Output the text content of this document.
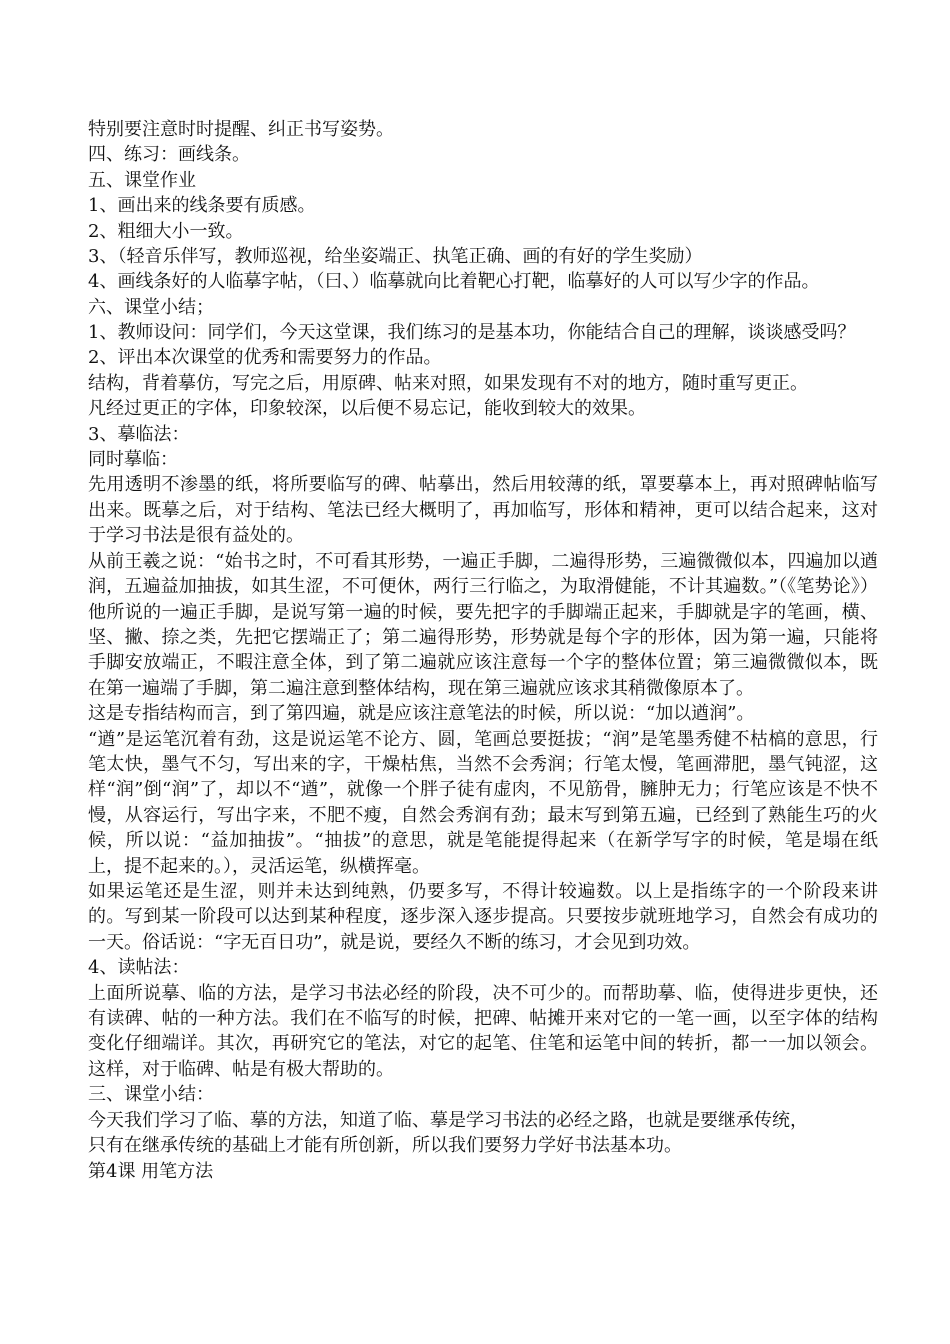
特别要注意时时提醒、纠正书写姿势。

四、练习：画线条。

五、课堂作业

1、画出来的线条要有质感。

2、粗细大小一致。

3、（轻音乐伴写，教师巡视，给坐姿端正、执笔正确、画的有好的学生奖励）

4、画线条好的人临摹字帖，（曰、）临摹就向比着靶心打靶，临摹好的人可以写少字的作品。

六、课堂小结；

1、教师设问：同学们，今天这堂课，我们练习的是基本功，你能结合自己的理解，谈谈感受吗？

2、评出本次课堂的优秀和需要努力的作品。

结构，背着摹仿，写完之后，用原碑、帖来对照，如果发现有不对的地方，随时重写更正。

凡经过更正的字体，印象较深，以后便不易忘记，能收到较大的效果。

3、摹临法：

同时摹临：

先用透明不渗墨的纸，将所要临写的碑、帖摹出，然后用较薄的纸，罩要摹本上，再对照碑帖临写出来。既摹之后，对于结构、笔法已经大概明了，再加临写，形体和精神，更可以结合起来，这对于学习书法是很有益处的。

从前王羲之说：“始书之时，不可看其形势，一遍正手脚，二遍得形势，三遍微微似本，四遍加以遒润，五遍益加抽拔，如其生涩，不可便休，两行三行临之，为取滑健能，不计其遍数。”（《笔势论》）他所说的一遍正手脚，是说写第一遍的时候，要先把字的手脚端正起来，手脚就是字的笔画，横、坚、撇、捺之类，先把它摆端正了；第二遍得形势，形势就是每个字的形体，因为第一遍，只能将手脚安放端正，不暇注意全体，到了第二遍就应该注意每一个字的整体位置；第三遍微微似本，既在第一遍端了手脚，第二遍注意到整体结构，现在第三遍就应该求其稍微像原本了。

这是专指结构而言，到了第四遍，就是应该注意笔法的时候，所以说：“加以遒润”。

“遒”是运笔沉着有劲，这是说运笔不论方、圆，笔画总要挺拔；“润”是笔墨秀健不枯槁的意思，行笔太快，墨气不匀，写出来的字，干燥枯焦，当然不会秀润；行笔太慢，笔画滞肥，墨气钝涩，这样“润”倒“润”了，却以不“遒”，就像一个胖子徒有虚肉，不见筋骨，臃肿无力；行笔应该是不快不慢，从容运行，写出字来，不肥不瘦，自然会秀润有劲；最末写到第五遍，已经到了熟能生巧的火候，所以说：“益加抽拔”。“抽拔”的意思，就是笔能提得起来（在新学写字的时候，笔是塌在纸上，提不起来的。），灵活运笔，纵横挥毫。

如果运笔还是生涩，则并未达到纯熟，仍要多写，不得计较遍数。以上是指练字的一个阶段来讲的。写到某一阶段可以达到某种程度，逐步深入逐步提高。只要按步就班地学习，自然会有成功的一天。俗话说：“字无百日功”，就是说，要经久不断的练习，才会见到功效。

4、读帖法：

上面所说摹、临的方法，是学习书法必经的阶段，决不可少的。而帮助摹、临，使得进步更快，还有读碑、帖的一种方法。我们在不临写的时候，把碑、帖摊开来对它的一笔一画，以至字体的结构变化仔细端详。其次，再研究它的笔法，对它的起笔、住笔和运笔中间的转折，都一一加以领会。这样，对于临碑、帖是有极大帮助的。

三、课堂小结：

今天我们学习了临、摹的方法，知道了临、摹是学习书法的必经之路，也就是要继承传统，

只有在继承传统的基础上才能有所创新，所以我们要努力学好书法基本功。

第4课 用笔方法
